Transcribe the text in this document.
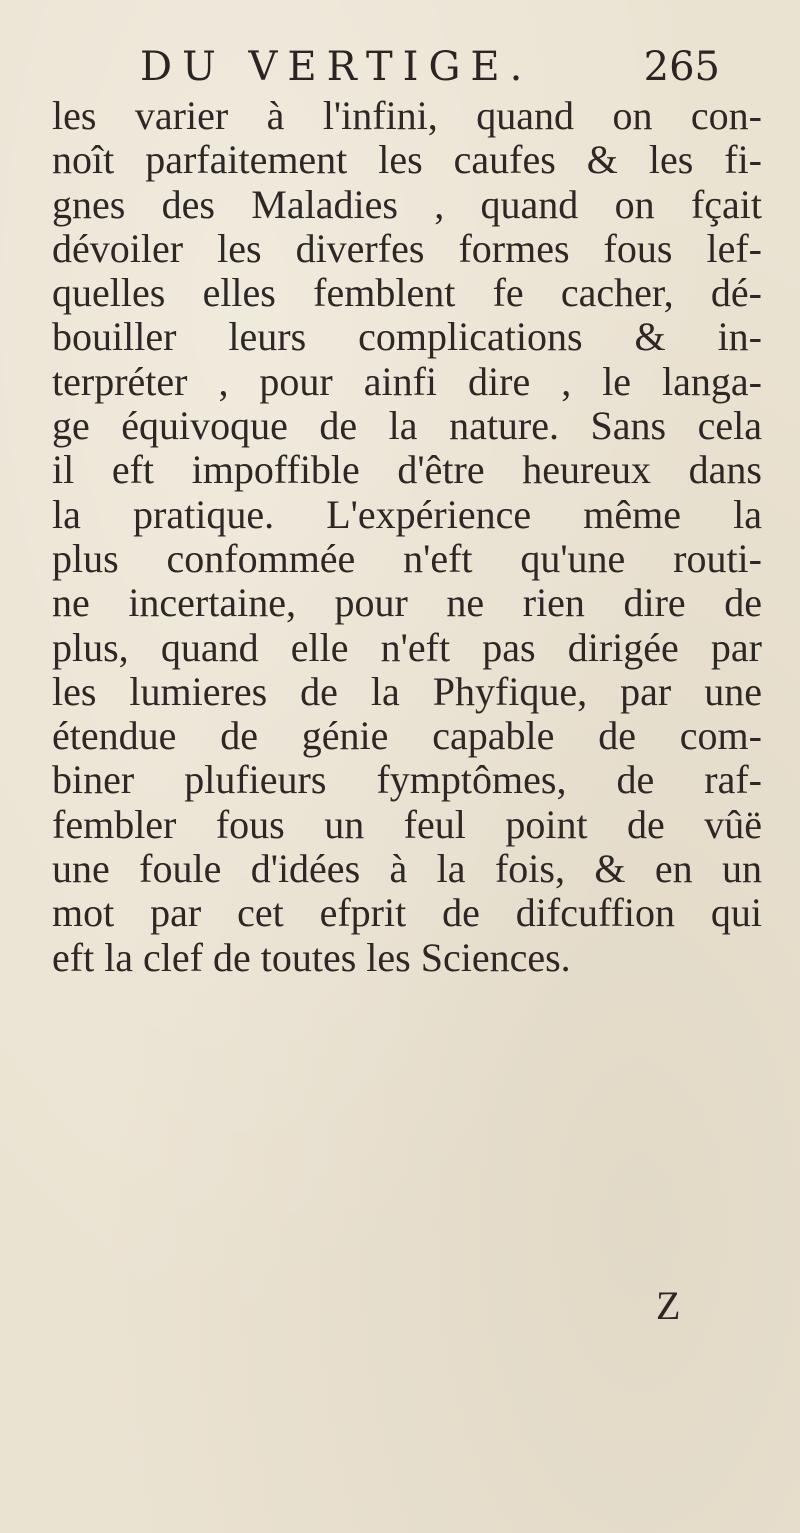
DU VERTIGE.	265
les varier à l'infini, quand on con-
noît parfaitement les caufes & les fi-
gnes des Maladies , quand on fçait
dévoiler les diverfes formes fous lef-
quelles elles femblent fe cacher, dé-
bouiller leurs complications & in-
terpréter , pour ainfi dire , le langa-
ge équivoque de la nature. Sans cela
il eft impoffible d'être heureux dans
la pratique. L'expérience même la
plus confommée n'eft qu'une routi-
ne incertaine, pour ne rien dire de
plus, quand elle n'eft pas dirigée par
les lumieres de la Phyfique, par une
étendue de génie capable de com-
biner plufieurs fymptômes, de raf-
fembler fous un feul point de vûë
une foule d'idées à la fois, & en un
mot par cet efprit de difcuffion qui
eft la clef de toutes les Sciences.
Z
